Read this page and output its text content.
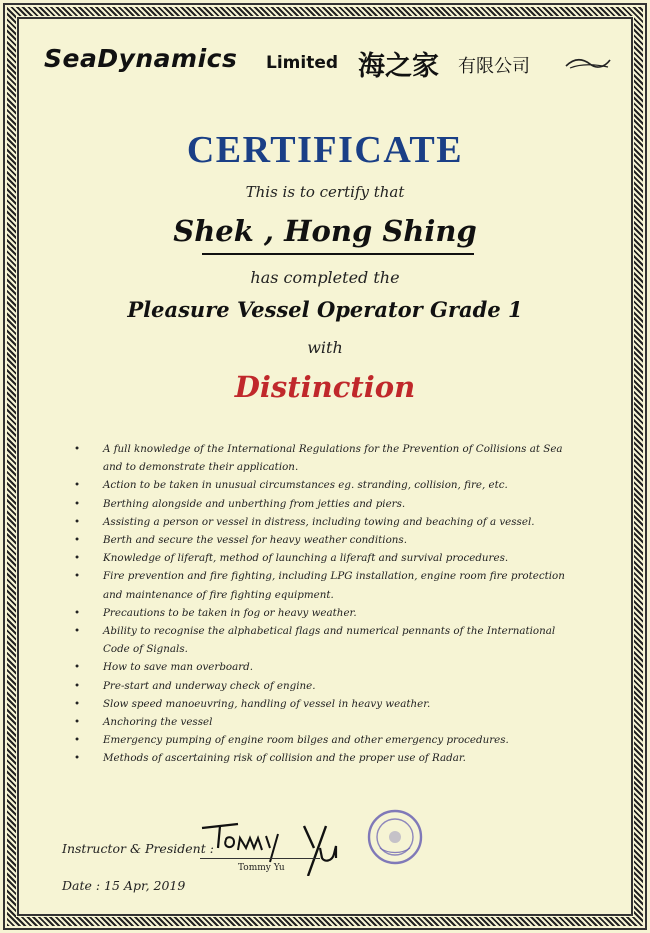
SeaDynamics Limited 海之家 有限公司
CERTIFICATE
This is to certify that
Shek , Hong Shing
has completed the
Pleasure Vessel Operator Grade 1
with
Distinction
• A full knowledge of the International Regulations for the Prevention of Collisions at Sea and to demonstrate their application.
• Action to be taken in unusual circumstances eg. stranding, collision, fire, etc.
• Berthing alongside and unberthing from jetties and piers.
• Assisting a person or vessel in distress, including towing and beaching of a vessel.
• Berth and secure the vessel for heavy weather conditions.
• Knowledge of liferaft, method of launching a liferaft and survival procedures.
• Fire prevention and fire fighting, including LPG installation, engine room fire protection and maintenance of fire fighting equipment.
• Precautions to be taken in fog or heavy weather.
• Ability to recognise the alphabetical flags and numerical pennants of the International Code of Signals.
• How to save man overboard.
• Pre-start and underway check of engine.
• Slow speed manoeuvring, handling of vessel in heavy weather.
• Anchoring the vessel
• Emergency pumping of engine room bilges and other emergency procedures.
• Methods of ascertaining risk of collision and the proper use of Radar.
Instructor & President :
Tommy Yu
Date : 15 Apr, 2019
